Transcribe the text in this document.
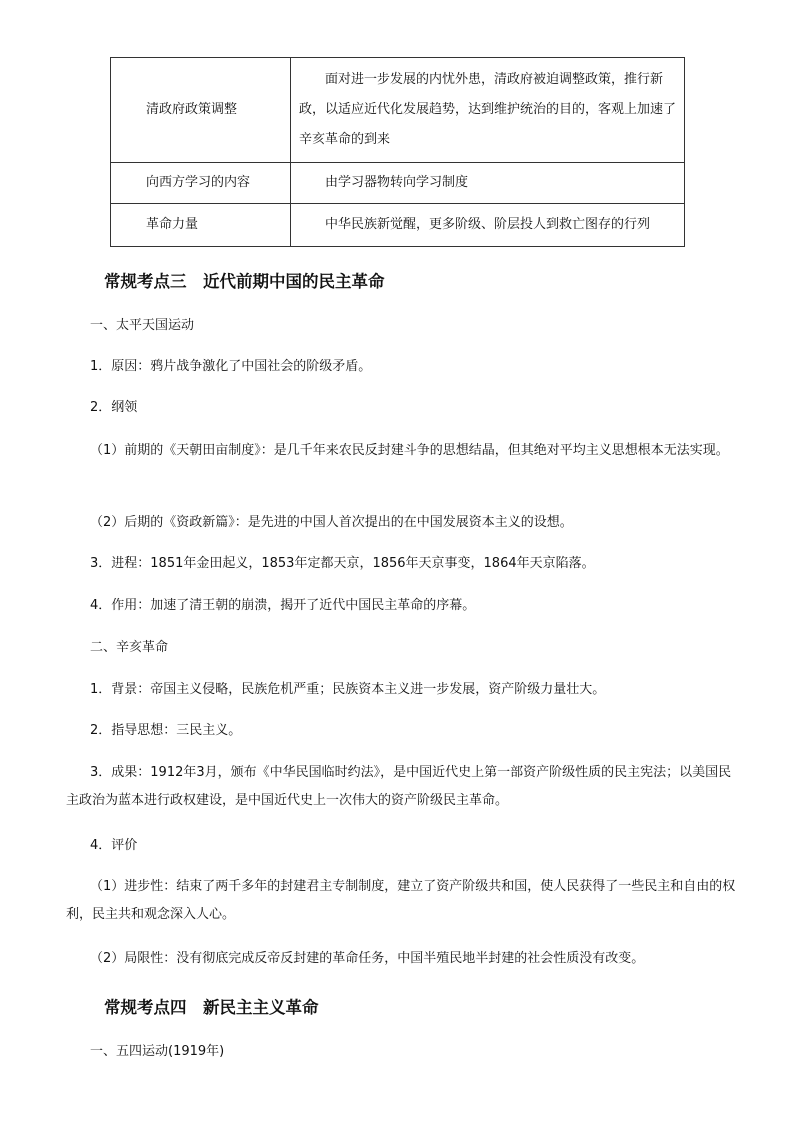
清政府政策调整	面对进一步发展的内忧外患，清政府被迫调整政策，推行新政，以适应近代化发展趋势，达到维护统治的目的，客观上加速了辛亥革命的到来

向西方学习的内容	由学习器物转向学习制度

革命力量	中华民族新觉醒，更多阶级、阶层投人到救亡图存的行列
常规考点三　近代前期中国的民主革命
一、太平天国运动
1．原因：鸦片战争激化了中国社会的阶级矛盾。
2．纲领
（1）前期的《天朝田亩制度》：是几千年来农民反封建斗争的思想结晶，但其绝对平均主义思想根本无法实现。
（2）后期的《资政新篇》：是先进的中国人首次提出的在中国发展资本主义的设想。
3．进程：1851年金田起义，1853年定都天京，1856年天京事变，1864年天京陷落。
4．作用：加速了清王朝的崩溃，揭开了近代中国民主革命的序幕。
二、辛亥革命
1．背景：帝国主义侵略，民族危机严重；民族资本主义进一步发展，资产阶级力量壮大。
2．指导思想：三民主义。
3．成果：1912年3月，颁布《中华民国临时约法》，是中国近代史上第一部资产阶级性质的民主宪法；以美国民主政治为蓝本进行政权建设，是中国近代史上一次伟大的资产阶级民主革命。
4．评价
（1）进步性：结束了两千多年的封建君主专制制度，建立了资产阶级共和国，使人民获得了一些民主和自由的权利，民主共和观念深入人心。
（2）局限性：没有彻底完成反帝反封建的革命任务，中国半殖民地半封建的社会性质没有改变。
常规考点四　新民主主义革命
一、五四运动(1919年)
